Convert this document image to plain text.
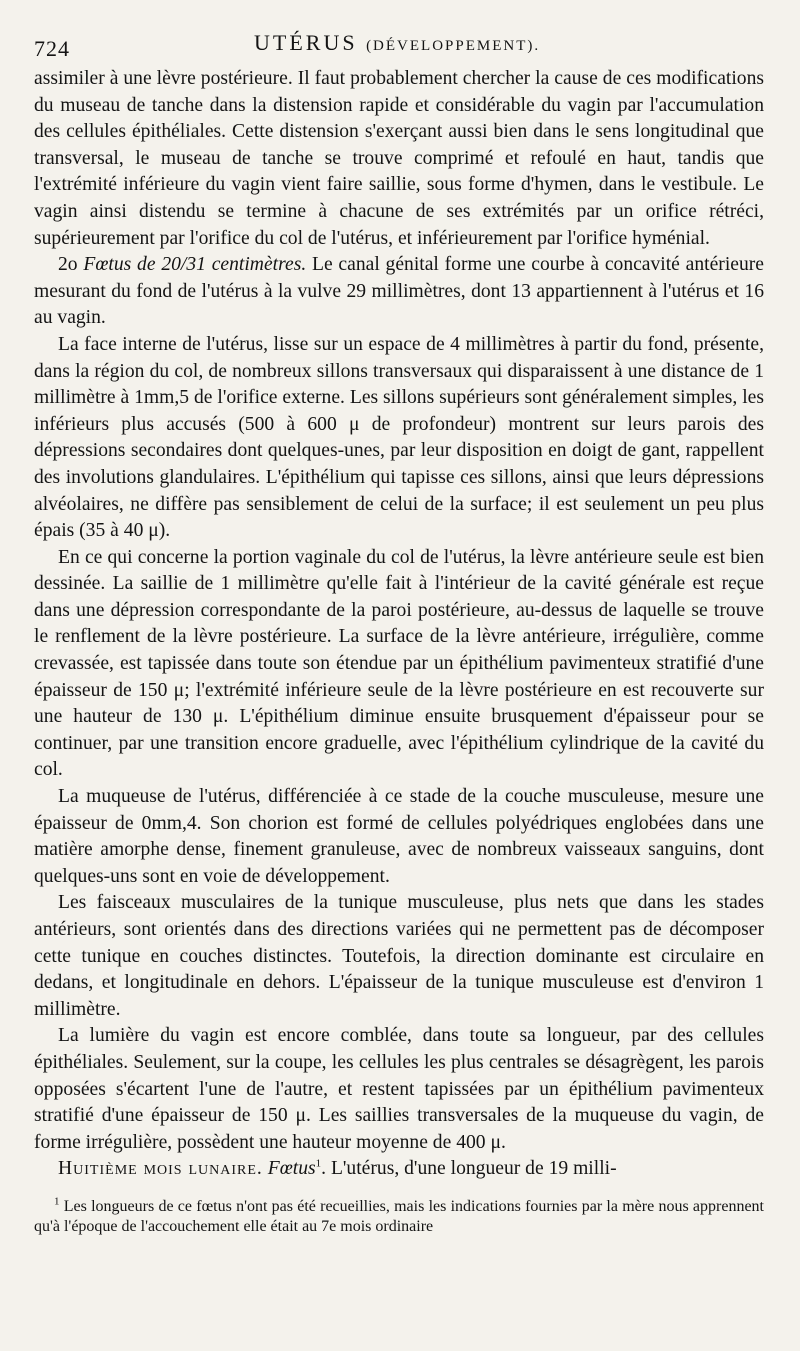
724	UTÉRUS (DÉVELOPPEMENT).

assimiler à une lèvre postérieure. Il faut probablement chercher la cause de ces modifications du museau de tanche dans la distension rapide et considérable du vagin par l'accumulation des cellules épithéliales. Cette distension s'exerçant aussi bien dans le sens longitudinal que transversal, le museau de tanche se trouve comprimé et refoulé en haut, tandis que l'extrémité inférieure du vagin vient faire saillie, sous forme d'hymen, dans le vestibule. Le vagin ainsi distendu se termine à chacune de ses extrémités par un orifice rétréci, supérieurement par l'orifice du col de l'utérus, et inférieurement par l'orifice hyménial.

2o Fœtus de 20/31 centimètres. Le canal génital forme une courbe à concavité antérieure mesurant du fond de l'utérus à la vulve 29 millimètres, dont 13 appartiennent à l'utérus et 16 au vagin.

La face interne de l'utérus, lisse sur un espace de 4 millimètres à partir du fond, présente, dans la région du col, de nombreux sillons transversaux qui disparaissent à une distance de 1 millimètre à 1mm,5 de l'orifice externe. Les sillons supérieurs sont généralement simples, les inférieurs plus accusés (500 à 600 μ de profondeur) montrent sur leurs parois des dépressions secondaires dont quelques-unes, par leur disposition en doigt de gant, rappellent des involutions glandulaires. L'épithélium qui tapisse ces sillons, ainsi que leurs dépressions alvéolaires, ne diffère pas sensiblement de celui de la surface; il est seulement un peu plus épais (35 à 40 μ).

En ce qui concerne la portion vaginale du col de l'utérus, la lèvre antérieure seule est bien dessinée. La saillie de 1 millimètre qu'elle fait à l'intérieur de la cavité générale est reçue dans une dépression correspondante de la paroi postérieure, au-dessus de laquelle se trouve le renflement de la lèvre postérieure. La surface de la lèvre antérieure, irrégulière, comme crevassée, est tapissée dans toute son étendue par un épithélium pavimenteux stratifié d'une épaisseur de 150 μ; l'extrémité inférieure seule de la lèvre postérieure en est recouverte sur une hauteur de 130 μ. L'épithélium diminue ensuite brusquement d'épaisseur pour se continuer, par une transition encore graduelle, avec l'épithélium cylindrique de la cavité du col.

La muqueuse de l'utérus, différenciée à ce stade de la couche musculeuse, mesure une épaisseur de 0mm,4. Son chorion est formé de cellules polyédriques englobées dans une matière amorphe dense, finement granuleuse, avec de nombreux vaisseaux sanguins, dont quelques-uns sont en voie de développement.

Les faisceaux musculaires de la tunique musculeuse, plus nets que dans les stades antérieurs, sont orientés dans des directions variées qui ne permettent pas de décomposer cette tunique en couches distinctes. Toutefois, la direction dominante est circulaire en dedans, et longitudinale en dehors. L'épaisseur de la tunique musculeuse est d'environ 1 millimètre.

La lumière du vagin est encore comblée, dans toute sa longueur, par des cellules épithéliales. Seulement, sur la coupe, les cellules les plus centrales se désagrègent, les parois opposées s'écartent l'une de l'autre, et restent tapissées par un épithélium pavimenteux stratifié d'une épaisseur de 150 μ. Les saillies transversales de la muqueuse du vagin, de forme irrégulière, possèdent une hauteur moyenne de 400 μ.

Huitième mois lunaire. Fœtus$^1$. L'utérus, d'une longueur de 19 milli-

$^1$ Les longueurs de ce fœtus n'ont pas été recueillies, mais les indications fournies par la mère nous apprennent qu'à l'époque de l'accouchement elle était au 7e mois ordinaire
